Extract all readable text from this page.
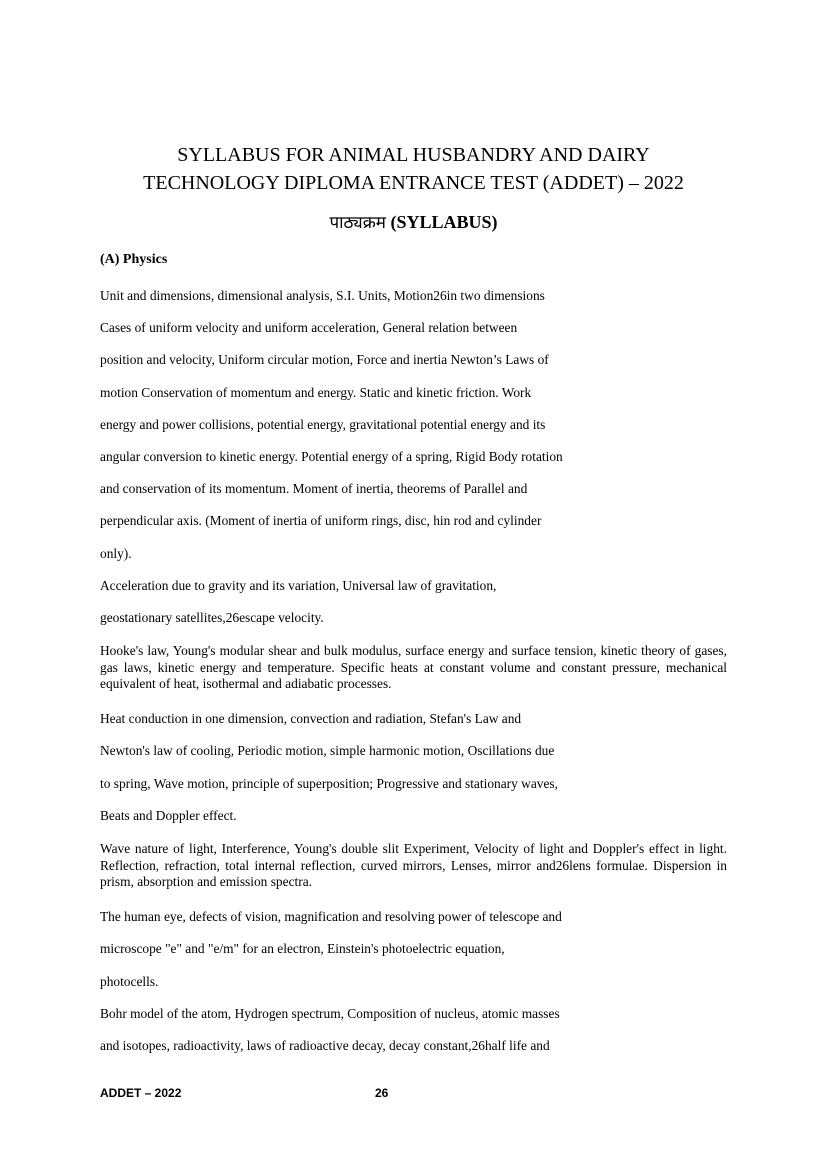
SYLLABUS FOR ANIMAL HUSBANDRY AND DAIRY
TECHNOLOGY DIPLOMA ENTRANCE TEST (ADDET) – 2022
पाठ्यक्रम (SYLLABUS)
(A) Physics
Unit and dimensions, dimensional analysis, S.I. Units, Motion26in two dimensions
Cases of uniform velocity and uniform acceleration, General relation between
position and velocity, Uniform circular motion, Force and inertia Newton’s Laws of
motion Conservation of momentum and energy. Static and kinetic friction. Work
energy and power collisions, potential energy, gravitational potential energy and its
angular conversion to kinetic energy. Potential energy of a spring, Rigid Body rotation
and conservation of its momentum. Moment of inertia, theorems of Parallel and
perpendicular axis. (Moment of inertia of uniform rings, disc, hin rod and cylinder
only).
Acceleration due to gravity and its variation, Universal law of gravitation,
geostationary satellites,26escape velocity.
Hooke's law, Young's modular shear and bulk modulus, surface energy and surface tension, kinetic theory of gases, gas laws, kinetic energy and temperature. Specific heats at constant volume and constant pressure, mechanical equivalent of heat, isothermal and adiabatic processes.
Heat conduction in one dimension, convection and radiation, Stefan's Law and
Newton's law of cooling, Periodic motion, simple harmonic motion, Oscillations due
to spring, Wave motion, principle of superposition; Progressive and stationary waves,
Beats and Doppler effect.
Wave nature of light, Interference, Young's double slit Experiment, Velocity of light and Doppler's effect in light. Reflection, refraction, total internal reflection, curved mirrors, Lenses, mirror and26lens formulae. Dispersion in prism, absorption and emission spectra.
The human eye, defects of vision, magnification and resolving power of telescope and
microscope "e" and "e/m" for an electron, Einstein's photoelectric equation,
photocells.
Bohr model of the atom, Hydrogen spectrum, Composition of nucleus, atomic masses
and isotopes, radioactivity, laws of radioactive decay, decay constant,26half life and
ADDET – 2022	26
